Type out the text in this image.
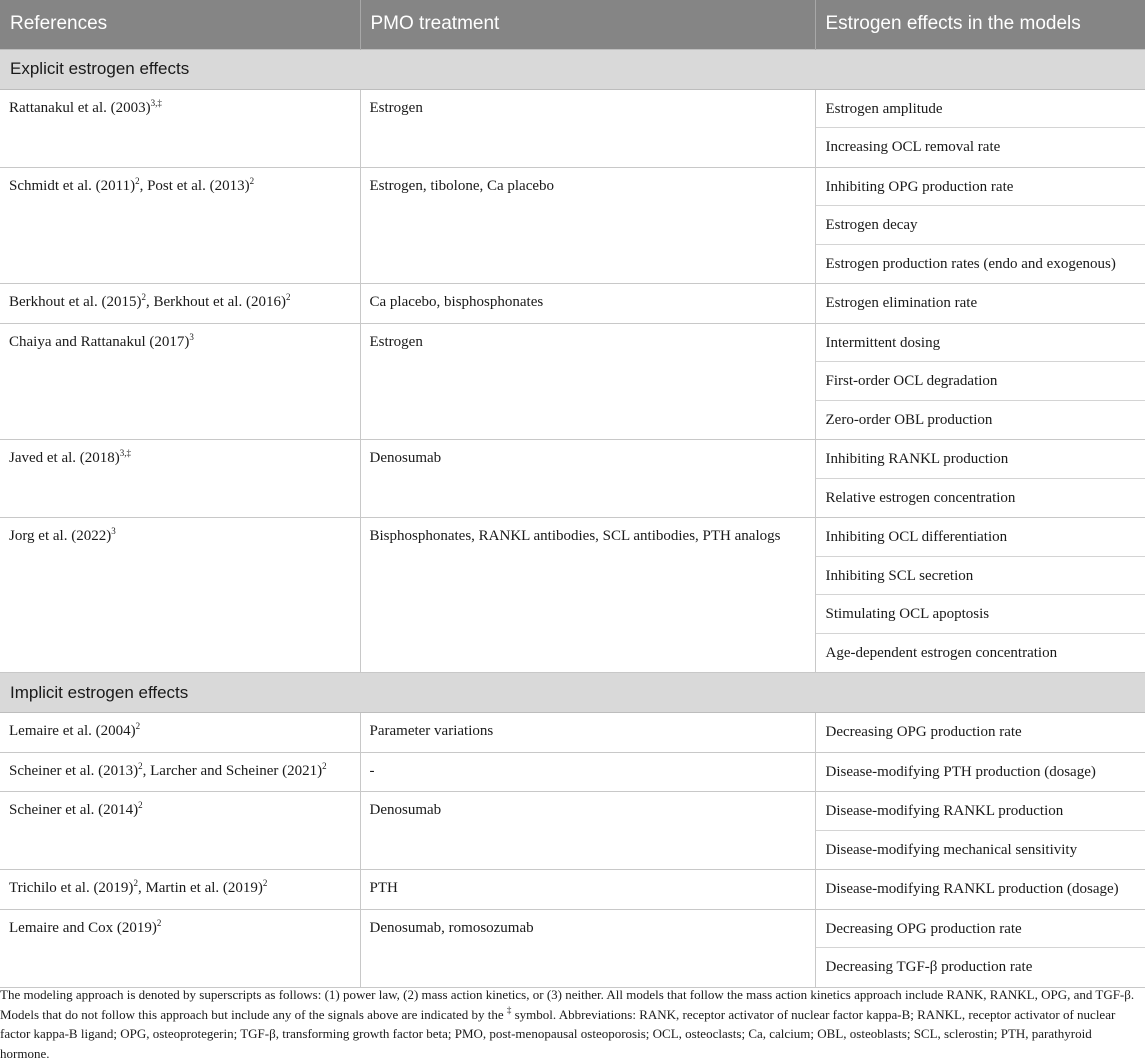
References	PMO treatment	Estrogen effects in the models
Explicit estrogen effects		
Rattanakul et al. $(2003)^{3,\ddagger}$	Estrogen	Estrogen amplitude
Increasing OCL removal rate

Schmidt et al. $(2011)^2$, Post et al. $(2013)^2$	Estrogen, tibolone, Ca placebo	Inhibiting OPG production rate
Estrogen decay
Estrogen production rates (endo and exogenous)

Berkhout et al. $(2015)^2$, Berkhout et al. $(2016)^2$	Ca placebo, bisphosphonates	Estrogen elimination rate

Chaiya and Rattanakul $(2017)^3$	Estrogen	Intermittent dosing
First-order OCL degradation
Zero-order OBL production

Javed et al. $(2018)^{3,\ddagger}$	Denosumab	Inhibiting RANKL production
Relative estrogen concentration

Jorg et al. $(2022)^3$	Bisphosphonates, RANKL antibodies, SCL antibodies, PTH analogs	Inhibiting OCL differentiation
Inhibiting SCL secretion
Stimulating OCL apoptosis
Age-dependent estrogen concentration

Implicit estrogen effects		
Lemaire et al. $(2004)^2$	Parameter variations	Decreasing OPG production rate

Scheiner et al. $(2013)^2$, Larcher and Scheiner $(2021)^2$	-	Disease-modifying PTH production (dosage)

Scheiner et al. $(2014)^2$	Denosumab	Disease-modifying RANKL production
Disease-modifying mechanical sensitivity

Trichilo et al. $(2019)^2$, Martin et al. $(2019)^2$	PTH	Disease-modifying RANKL production (dosage)

Lemaire and Cox $(2019)^2$	Denosumab, romosozumab	Decreasing OPG production rate
Decreasing TGF-β production rate

The modeling approach is denoted by superscripts as follows: (1) power law, (2) mass action kinetics, or (3) neither. All models that follow the mass action kinetics approach include RANK, RANKL, OPG, and TGF-β. Models that do not follow this approach but include any of the signals above are indicated by the ‡ symbol. Abbreviations: RANK, receptor activator of nuclear factor kappa-B; RANKL, receptor activator of nuclear factor kappa-B ligand; OPG, osteoprotegerin; TGF-β, transforming growth factor beta; PMO, post-menopausal osteoporosis; OCL, osteoclasts; Ca, calcium; OBL, osteoblasts; SCL, sclerostin; PTH, parathyroid hormone.
